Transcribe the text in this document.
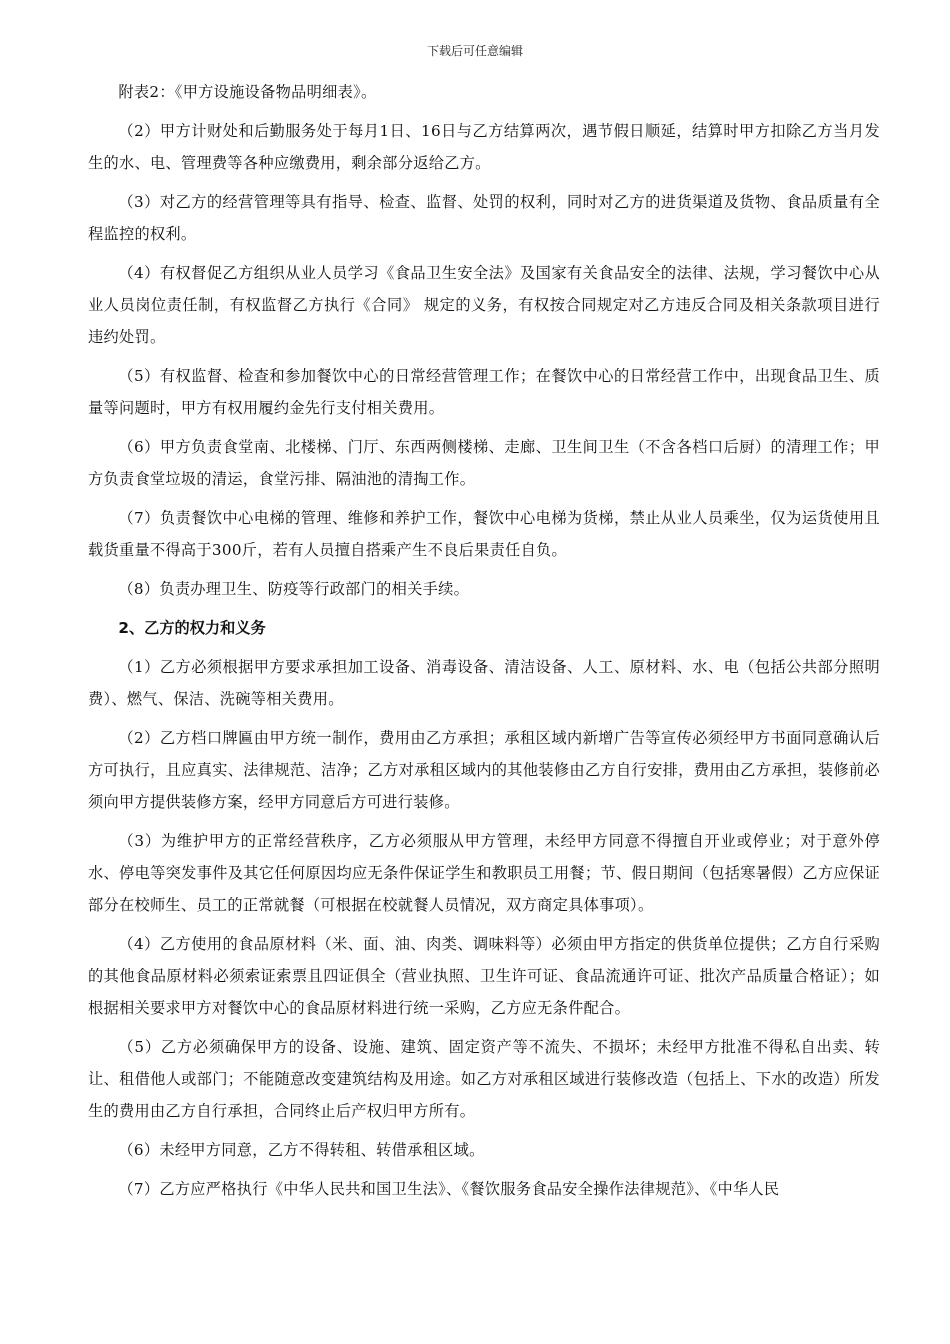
下载后可任意编辑

附表2：《甲方设施设备物品明细表》。

（2）甲方计财处和后勤服务处于每月1日、16日与乙方结算两次，遇节假日顺延，结算时甲方扣除乙方当月发生的水、电、管理费等各种应缴费用，剩余部分返给乙方。

（3）对乙方的经营管理等具有指导、检查、监督、处罚的权利，同时对乙方的进货渠道及货物、食品质量有全程监控的权利。

（4）有权督促乙方组织从业人员学习《食品卫生安全法》及国家有关食品安全的法律、法规，学习餐饮中心从业人员岗位责任制，有权监督乙方执行《合同》 规定的义务，有权按合同规定对乙方违反合同及相关条款项目进行违约处罚。

（5）有权监督、检查和参加餐饮中心的日常经营管理工作；在餐饮中心的日常经营工作中，出现食品卫生、质量等问题时，甲方有权用履约金先行支付相关费用。

（6）甲方负责食堂南、北楼梯、门厅、东西两侧楼梯、走廊、卫生间卫生（不含各档口后厨）的清理工作；甲方负责食堂垃圾的清运，食堂污排、隔油池的清掏工作。

（7）负责餐饮中心电梯的管理、维修和养护工作，餐饮中心电梯为货梯，禁止从业人员乘坐，仅为运货使用且载货重量不得高于300斤，若有人员擅自搭乘产生不良后果责任自负。

（8）负责办理卫生、防疫等行政部门的相关手续。

2、乙方的权力和义务

（1）乙方必须根据甲方要求承担加工设备、消毒设备、清洁设备、人工、原材料、水、电（包括公共部分照明费）、燃气、保洁、洗碗等相关费用。

（2）乙方档口牌匾由甲方统一制作，费用由乙方承担；承租区域内新增广告等宣传必须经甲方书面同意确认后方可执行，且应真实、法律规范、洁净；乙方对承租区域内的其他装修由乙方自行安排，费用由乙方承担，装修前必须向甲方提供装修方案，经甲方同意后方可进行装修。

（3）为维护甲方的正常经营秩序，乙方必须服从甲方管理，未经甲方同意不得擅自开业或停业；对于意外停水、停电等突发事件及其它任何原因均应无条件保证学生和教职员工用餐；节、假日期间（包括寒暑假）乙方应保证部分在校师生、员工的正常就餐（可根据在校就餐人员情况，双方商定具体事项）。

（4）乙方使用的食品原材料（米、面、油、肉类、调味料等）必须由甲方指定的供货单位提供；乙方自行采购的其他食品原材料必须索证索票且四证俱全（营业执照、卫生许可证、食品流通许可证、批次产品质量合格证）；如根据相关要求甲方对餐饮中心的食品原材料进行统一采购，乙方应无条件配合。

（5）乙方必须确保甲方的设备、设施、建筑、固定资产等不流失、不损坏；未经甲方批准不得私自出卖、转让、租借他人或部门；不能随意改变建筑结构及用途。如乙方对承租区域进行装修改造（包括上、下水的改造）所发生的费用由乙方自行承担，合同终止后产权归甲方所有。

（6）未经甲方同意，乙方不得转租、转借承租区域。

（7）乙方应严格执行《中华人民共和国卫生法》、《餐饮服务食品安全操作法律规范》、《中华人民
